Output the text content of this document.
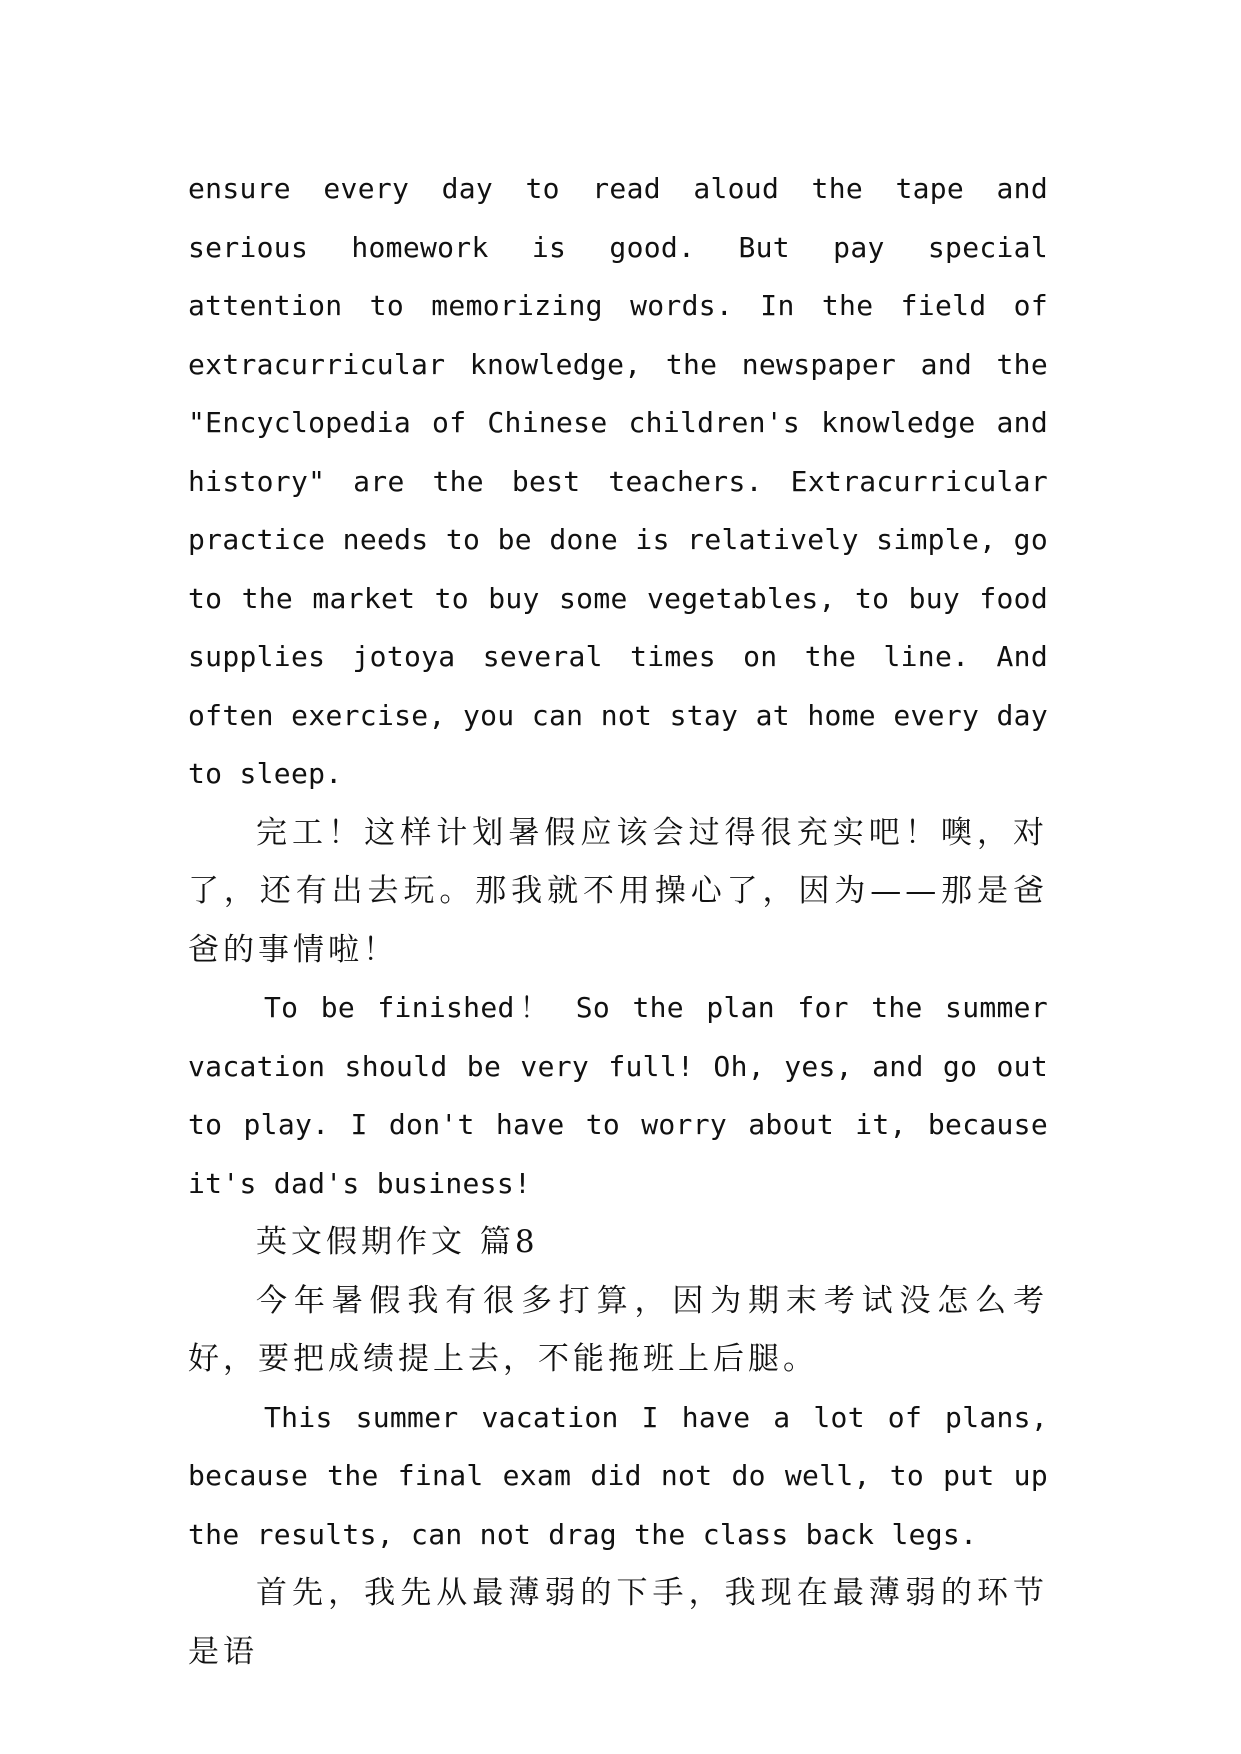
ensure every day to read aloud the tape and serious homework is good. But pay special attention to memorizing words. In the field of extracurricular knowledge, the newspaper and the "Encyclopedia of Chinese children's knowledge and history" are the best teachers. Extracurricular practice needs to be done is relatively simple, go to the market to buy some vegetables, to buy food supplies jotoya several times on the line. And often exercise, you can not stay at home every day to sleep.

完工！这样计划暑假应该会过得很充实吧！噢，对了，还有出去玩。那我就不用操心了，因为——那是爸爸的事情啦！

To be finished！ So the plan for the summer vacation should be very full! Oh, yes, and go out to play. I don't have to worry about it, because it's dad's business!

英文假期作文 篇8

今年暑假我有很多打算，因为期末考试没怎么考好，要把成绩提上去，不能拖班上后腿。

This summer vacation I have a lot of plans, because the final exam did not do well, to put up the results, can not drag the class back legs.

首先，我先从最薄弱的下手，我现在最薄弱的环节是语
